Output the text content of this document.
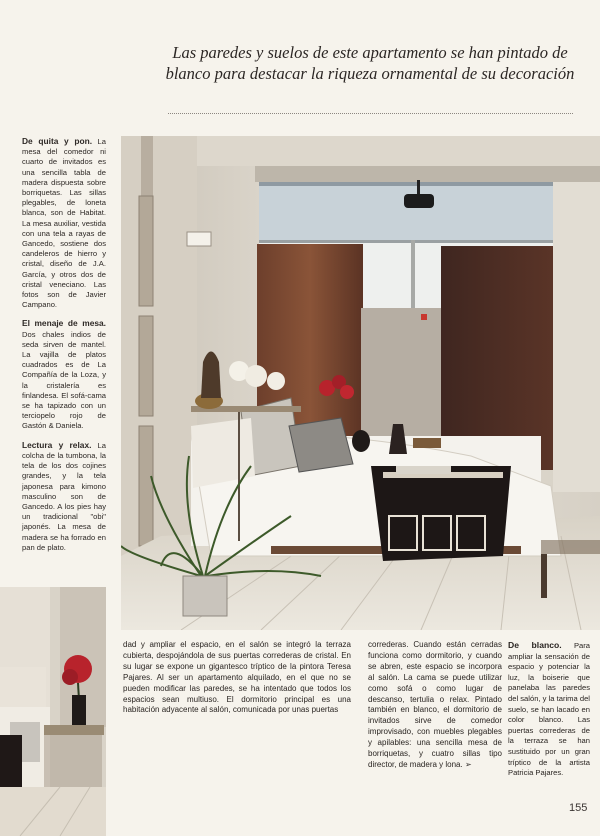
Las paredes y suelos de este apartamento se han pintado de blanco para destacar la riqueza ornamental de su decoración

De quita y pon. La mesa del comedor ni cuarto de invitados es una sencilla tabla de madera dispuesta sobre borriquetas. Las sillas plegables, de loneta blanca, son de Habitat. La mesa auxiliar, vestida con una tela a rayas de Gancedo, sostiene dos candeleros de hierro y cristal, diseño de J.A. García, y otros dos de cristal veneciano. Las fotos son de Javier Campano.

El menaje de mesa. Dos chales indios de seda sirven de mantel. La vajilla de platos cuadrados es de La Compañía de la Loza, y la cristalería es finlandesa. El sofá-cama se ha tapizado con un terciopelo rojo de Gastón & Daniela.

Lectura y relax. La colcha de la tumbona, la tela de los dos cojines grandes, y la tela japonesa para kimono masculino son de Gancedo. A los pies hay un tradicional "obi" japonés. La mesa de madera se ha forrado en pan de plato.

dad y ampliar el espacio, en el salón se integró la terraza cubierta, despojándola de sus puertas correderas de cristal. En su lugar se expone un gigantesco tríptico de la pintora Teresa Pajares. Al ser un apartamento alquilado, en el que no se pueden modificar las paredes, se ha intentado que todos los espacios sean multiuso. El dormitorio principal es una habitación adyacente al salón, comunicada por unas puertas
correderas. Cuando están cerradas funciona como dormitorio, y cuando se abren, este espacio se incorpora al salón. La cama se puede utilizar como sofá o como lugar de descanso, tertulia o relax. Pintado también en blanco, el dormitorio de invitados sirve de comedor improvisado, con muebles plegables y apilables: una sencilla mesa de borriquetas, y cuatro sillas tipo director, de madera y lona. ➢
De blanco. Para ampliar la sensación de espacio y potenciar la luz, la boiserie que panelaba las paredes del salón, y la tarima del suelo, se han lacado en color blanco. Las puertas correderas de la terraza se han sustituido por un gran tríptico de la artista Patricia Pajares.
155
